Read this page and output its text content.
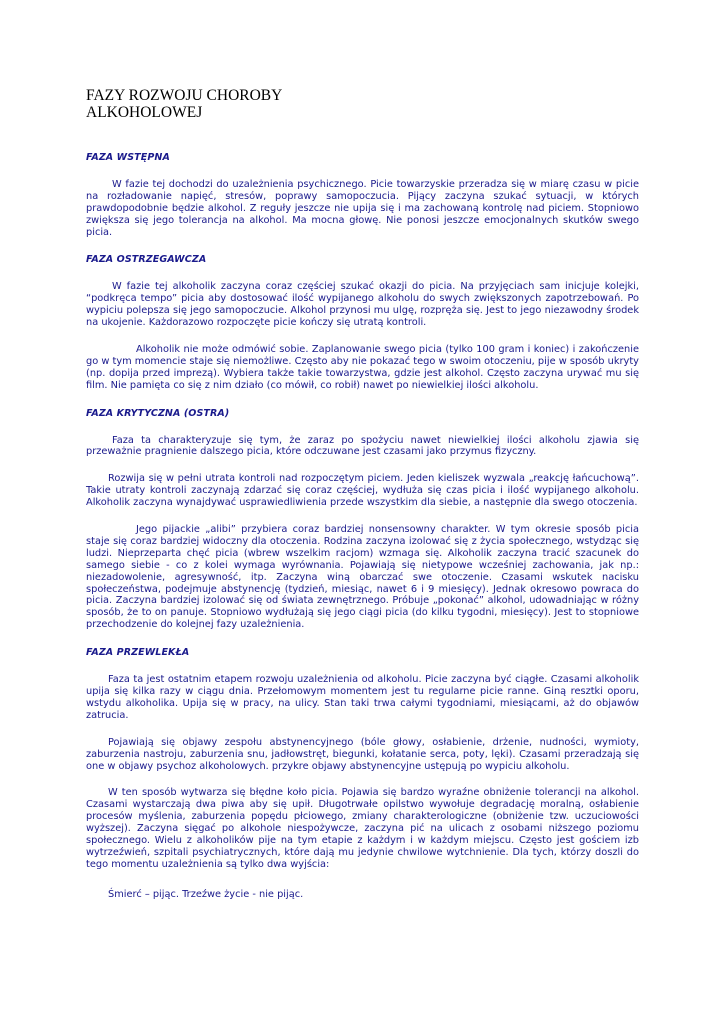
FAZY ROZWOJU CHOROBY ALKOHOLOWEJ
FAZA WSTĘPNA

W fazie tej dochodzi do uzależnienia psychicznego. Picie towarzyskie przeradza się w miarę czasu w picie na rozładowanie napięć, stresów, poprawy samopoczucia. Pijący zaczyna szukać sytuacji, w których prawdopodobnie będzie alkohol. Z reguły jeszcze nie upija się i ma zachowaną kontrolę nad piciem. Stopniowo zwiększa się jego tolerancja na alkohol. Ma mocna głowę. Nie ponosi jeszcze emocjonalnych skutków swego picia.

FAZA OSTRZEGAWCZA

W fazie tej alkoholik zaczyna coraz częściej szukać okazji do picia. Na przyjęciach sam inicjuje kolejki, “podkręca tempo” picia aby dostosować ilość wypijanego alkoholu do swych zwiększonych zapotrzebowań. Po wypiciu polepsza się jego samopoczucie. Alkohol przynosi mu ulgę, rozpręża się. Jest to jego niezawodny środek na ukojenie. Każdorazowo rozpoczęte picie kończy się utratą kontroli.

Alkoholik nie może odmówić sobie. Zaplanowanie swego picia (tylko 100 gram i koniec) i zakończenie go w tym momencie staje się niemożliwe. Często aby nie pokazać tego w swoim otoczeniu, pije w sposób ukryty (np. dopija przed imprezą). Wybiera także takie towarzystwa, gdzie jest alkohol. Często zaczyna urywać mu się film. Nie pamięta co się z nim działo (co mówił, co robił) nawet po niewielkiej ilości alkoholu.

FAZA KRYTYCZNA (OSTRA)

Faza ta charakteryzuje się tym, że zaraz po spożyciu nawet niewielkiej ilości alkoholu zjawia się przeważnie pragnienie dalszego picia, które odczuwane jest czasami jako przymus fizyczny.

Rozwija się w pełni utrata kontroli nad rozpoczętym piciem. Jeden kieliszek wyzwala „reakcję łańcuchową”. Takie utraty kontroli zaczynają zdarzać się coraz częściej, wydłuża się czas picia i ilość wypijanego alkoholu. Alkoholik zaczyna wynajdywać usprawiedliwienia przede wszystkim dla siebie, a następnie dla swego otoczenia.

Jego pijackie „alibi” przybiera coraz bardziej nonsensowny charakter. W tym okresie sposób picia staje się coraz bardziej widoczny dla otoczenia. Rodzina zaczyna izolować się z życia społecznego, wstydząc się ludzi. Nieprzeparta chęć picia (wbrew wszelkim racjom) wzmaga się. Alkoholik zaczyna tracić szacunek do samego siebie - co z kolei wymaga wyrównania. Pojawiają się nietypowe wcześniej zachowania, jak np.: niezadowolenie, agresywność, itp. Zaczyna winą obarczać swe otoczenie. Czasami wskutek nacisku społeczeństwa, podejmuje abstynencję (tydzień, miesiąc, nawet 6 i 9 miesięcy). Jednak okresowo powraca do picia. Zaczyna bardziej izolować się od świata zewnętrznego. Próbuje „pokonać” alkohol, udowadniając w różny sposób, że to on panuje. Stopniowo wydłużają się jego ciągi picia (do kilku tygodni, miesięcy). Jest to stopniowe przechodzenie do kolejnej fazy uzależnienia.

FAZA PRZEWLEKŁA

Faza ta jest ostatnim etapem rozwoju uzależnienia od alkoholu. Picie zaczyna być ciągłe. Czasami alkoholik upija się kilka razy w ciągu dnia. Przełomowym momentem jest tu regularne picie ranne. Giną resztki oporu, wstydu alkoholika. Upija się w pracy, na ulicy. Stan taki trwa całymi tygodniami, miesiącami, aż do objawów zatrucia.

Pojawiają się objawy zespołu abstynencyjnego (bóle głowy, osłabienie, drżenie, nudności, wymioty, zaburzenia nastroju, zaburzenia snu, jadłowstręt, biegunki, kołatanie serca, poty, lęki). Czasami przeradzają się one w objawy psychoz alkoholowych. przykre objawy abstynencyjne ustępują po wypiciu alkoholu.

W ten sposób wytwarza się błędne koło picia. Pojawia się bardzo wyraźne obniżenie tolerancji na alkohol. Czasami wystarczają dwa piwa aby się upił. Długotrwałe opilstwo wywołuje degradację moralną, osłabienie procesów myślenia, zaburzenia popędu płciowego, zmiany charakterologiczne (obniżenie tzw. uczuciowości wyższej). Zaczyna sięgać po alkohole niespożywcze, zaczyna pić na ulicach z osobami niższego poziomu społecznego. Wielu z alkoholików pije na tym etapie z każdym i w każdym miejscu. Często jest gościem izb wytrzeźwień, szpitali psychiatrycznych, które dają mu jedynie chwilowe wytchnienie. Dla tych, którzy doszli do tego momentu uzależnienia są tylko dwa wyjścia:

Śmierć – pijąc. Trzeźwe życie - nie pijąc.
